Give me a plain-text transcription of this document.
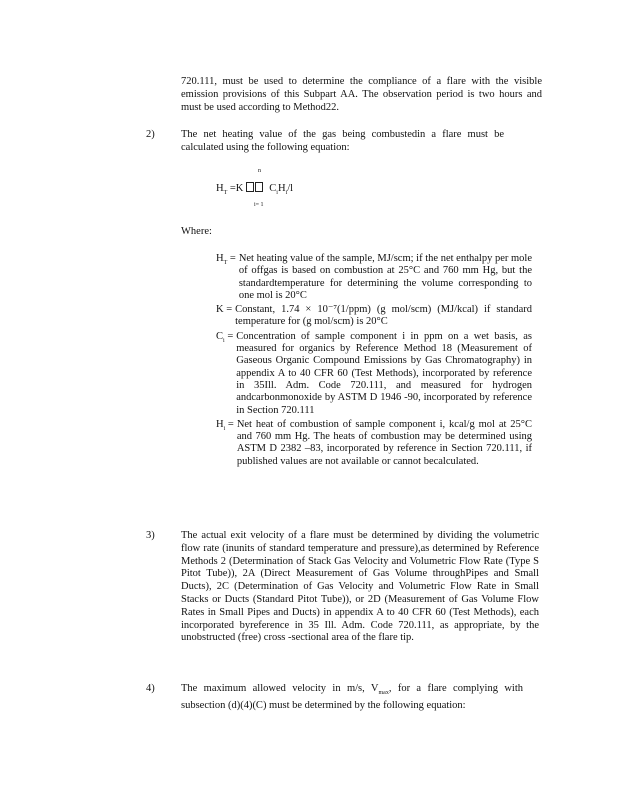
720.111, must be used to determine the compliance of a flare with the visible emission provisions of this Subpart AA. The observation period is two hours and must be used according to Method22.

2)	The net heating value of the gas being combustedin a flare must be calculated using the following equation:

n
$H_T =K$ $C_iH_i/l$
i= 1
Where:
$H_T$ = Net heating value of the sample, MJ/scm; if the net enthalpy per mole of offgas is based on combustion at 25°C and 760 mm Hg, but the standardtemperature for determining the volume corresponding to one mol is 20°C
K = Constant, 1.74 × 10⁻⁷(1/ppm) (g mol/scm) (MJ/kcal) if standard temperature for (g mol/scm) is 20°C
$C_i$ = Concentration of sample component i in ppm on a wet basis, as measured for organics by Reference Method 18 (Measurement of Gaseous Organic Compound Emissions by Gas Chromatography) in appendix A to 40 CFR 60 (Test Methods), incorporated by reference in 35Ill. Adm. Code 720.111, and measured for hydrogen andcarbonmonoxide by ASTM D 1946 -90, incorporated by reference in Section 720.111
$H_i$ = Net heat of combustion of sample component i, kcal/g mol at 25°C and 760 mm Hg. The heats of combustion may be determined using ASTM D 2382 –83, incorporated by reference in Section 720.111, if published values are not available or cannot becalculated.
3)	The actual exit velocity of a flare must be determined by dividing the volumetric flow rate (inunits of standard temperature and pressure),as determined by Reference Methods 2 (Determination of Stack Gas Velocity and Volumetric Flow Rate (Type S Pitot Tube)), 2A (Direct Measurement of Gas Volume throughPipes and Small Ducts), 2C (Determination of Gas Velocity and Volumetric Flow Rate in Small Stacks or Ducts (Standard Pitot Tube)), or 2D (Measurement of Gas Volume Flow Rates in Small Pipes and Ducts) in appendix A to 40 CFR 60 (Test Methods), each incorporated byreference in 35 Ill. Adm. Code 720.111, as appropriate, by the unobstructed (free) cross -sectional area of the flare tip.

4)	The maximum allowed velocity in m/s, $V_{max}$, for a flare complying with subsection (d)(4)(C) must be determined by the following equation:
